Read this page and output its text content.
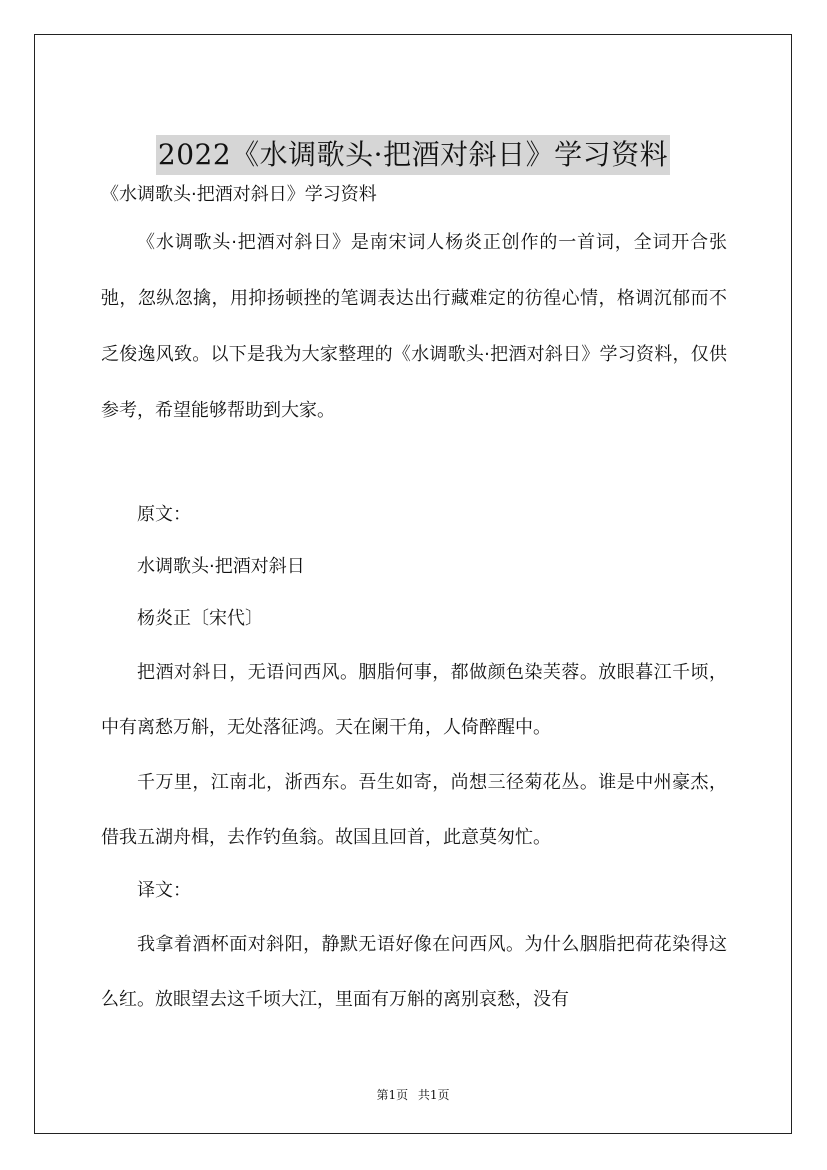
2022《水调歌头·把酒对斜日》学习资料

《水调歌头·把酒对斜日》学习资料

《水调歌头·把酒对斜日》是南宋词人杨炎正创作的一首词，全词开合张弛，忽纵忽擒，用抑扬顿挫的笔调表达出行藏难定的彷徨心情，格调沉郁而不乏俊逸风致。以下是我为大家整理的《水调歌头·把酒对斜日》学习资料，仅供参考，希望能够帮助到大家。

原文：

水调歌头·把酒对斜日

杨炎正〔宋代〕

把酒对斜日，无语问西风。胭脂何事，都做颜色染芙蓉。放眼暮江千顷，中有离愁万斛，无处落征鸿。天在阑干角，人倚醉醒中。

千万里，江南北，浙西东。吾生如寄，尚想三径菊花丛。谁是中州豪杰，借我五湖舟楫，去作钓鱼翁。故国且回首，此意莫匆忙。

译文：

我拿着酒杯面对斜阳，静默无语好像在问西风。为什么胭脂把荷花染得这么红。放眼望去这千顷大江，里面有万斛的离别哀愁，没有

第1页 共1页
